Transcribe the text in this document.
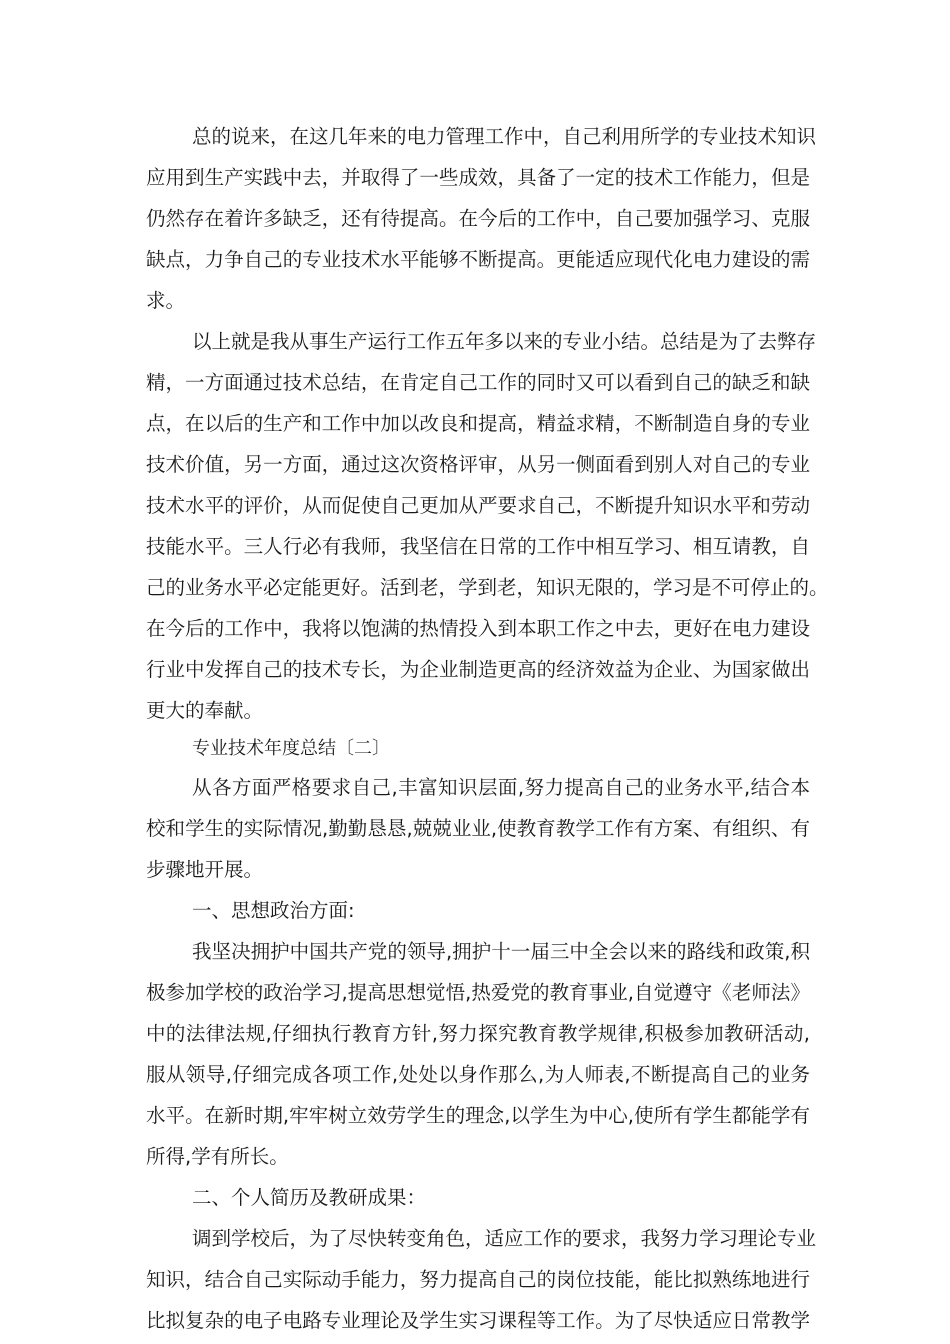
总的说来，在这几年来的电力管理工作中，自己利用所学的专业技术知识
应用到生产实践中去，并取得了一些成效，具备了一定的技术工作能力，但是
仍然存在着许多缺乏，还有待提高。在今后的工作中，自己要加强学习、克服
缺点，力争自己的专业技术水平能够不断提高。更能适应现代化电力建设的需
求。
以上就是我从事生产运行工作五年多以来的专业小结。总结是为了去弊存
精，一方面通过技术总结，在肯定自己工作的同时又可以看到自己的缺乏和缺
点，在以后的生产和工作中加以改良和提高，精益求精，不断制造自身的专业
技术价值，另一方面，通过这次资格评审，从另一侧面看到别人对自己的专业
技术水平的评价，从而促使自己更加从严要求自己，不断提升知识水平和劳动
技能水平。三人行必有我师，我坚信在日常的工作中相互学习、相互请教，自
己的业务水平必定能更好。活到老，学到老，知识无限的，学习是不可停止的。
在今后的工作中，我将以饱满的热情投入到本职工作之中去，更好在电力建设
行业中发挥自己的技术专长，为企业制造更高的经济效益为企业、为国家做出
更大的奉献。
专业技术年度总结〔二〕
从各方面严格要求自己,丰富知识层面,努力提高自己的业务水平,结合本
校和学生的实际情况,勤勤恳恳,兢兢业业,使教育教学工作有方案、有组织、有
步骤地开展。
一、思想政治方面:
我坚决拥护中国共产党的领导,拥护十一届三中全会以来的路线和政策,积
极参加学校的政治学习,提高思想觉悟,热爱党的教育事业,自觉遵守《老师法》
中的法律法规,仔细执行教育方针,努力探究教育教学规律,积极参加教研活动,
服从领导,仔细完成各项工作,处处以身作那么,为人师表,不断提高自己的业务
水平。在新时期,牢牢树立效劳学生的理念,以学生为中心,使所有学生都能学有
所得,学有所长。
二、个人简历及教研成果：
调到学校后，为了尽快转变角色，适应工作的要求，我努力学习理论专业
知识，结合自己实际动手能力，努力提高自己的岗位技能，能比拟熟练地进行
比拟复杂的电子电路专业理论及学生实习课程等工作。为了尽快适应日常教学
